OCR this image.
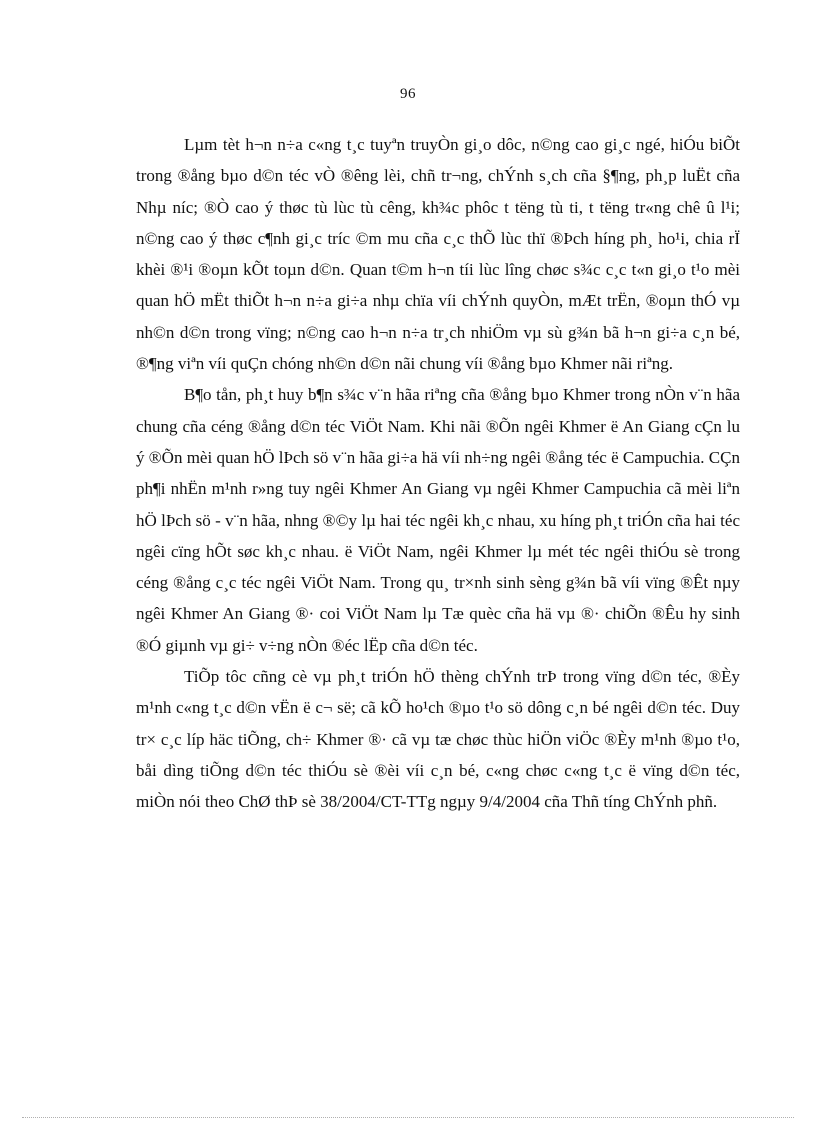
96

Lµm tèt h¬n n÷a c«ng t¸c tuyªn truyÒn gi¸o dôc, n©ng cao gi¸c ngé, hiÓu biÕt trong ®ång bµo d©n téc vÒ ®êng lèi, chñ tr¬ng, chÝnh s¸ch cña §¶ng, ph¸p luËt cña Nhµ níc; ®Ò cao ý thøc tù lùc tù cêng, kh¾c phôc t tëng tù ti, t tëng tr«ng chê û l¹i; n©ng cao ý thøc c¶nh gi¸c tríc ©m mu cña c¸c thÕ lùc thï ®Þch híng ph¸ ho¹i, chia rÏ khèi ®¹i ®oµn kÕt toµn d©n. Quan t©m h¬n tíi lùc lîng chøc s¾c c¸c t«n gi¸o t¹o mèi quan hÖ mËt thiÕt h¬n n÷a gi÷a nhµ chïa víi chÝnh quyÒn, mÆt trËn, ®oµn thÓ vµ nh©n d©n trong vïng; n©ng cao h¬n n÷a tr¸ch nhiÖm vµ sù g¾n bã h¬n gi÷a c¸n bé, ®¶ng viªn víi quÇn chóng nh©n d©n nãi chung víi ®ång bµo Khmer nãi riªng.

B¶o tån, ph¸t huy b¶n s¾c v¨n hãa riªng cña ®ång bµo Khmer trong nÒn v¨n hãa chung cña céng ®ång d©n téc ViÖt Nam. Khi nãi ®Õn ngêi Khmer ë An Giang cÇn lu ý ®Õn mèi quan hÖ lÞch sö v¨n hãa gi÷a hä víi nh÷ng ngêi ®ång téc ë Campuchia. CÇn ph¶i nhËn m¹nh r»ng tuy ngêi Khmer An Giang vµ ngêi Khmer Campuchia cã mèi liªn hÖ lÞch sö - v¨n hãa, nhng ®©y lµ hai téc ngêi kh¸c nhau, xu híng ph¸t triÓn cña hai téc ngêi cïng hÕt søc kh¸c nhau. ë ViÖt Nam, ngêi Khmer lµ mét téc ngêi thiÓu sè trong céng ®ång c¸c téc ngêi ViÖt Nam. Trong qu¸ tr×nh sinh sèng g¾n bã víi vïng ®Êt nµy ngêi Khmer An Giang ®· coi ViÖt Nam lµ Tæ quèc cña hä vµ ®· chiÕn ®Êu hy sinh ®Ó giµnh vµ gi÷ v÷ng nÒn ®éc lËp cña d©n téc.

TiÕp tôc cñng cè vµ ph¸t triÓn hÖ thèng chÝnh trÞ trong vïng d©n téc, ®Èy m¹nh c«ng t¸c d©n vËn ë c¬ së; cã kÕ ho¹ch ®µo t¹o sö dông c¸n bé ngêi d©n téc. Duy tr× c¸c líp häc tiÕng, ch÷ Khmer ®· cã vµ tæ chøc thùc hiÖn viÖc ®Èy m¹nh ®µo t¹o, båi dìng tiÕng d©n téc thiÓu sè ®èi víi c¸n bé, c«ng chøc c«ng t¸c ë vïng d©n téc, miÒn nói theo ChØ thÞ sè 38/2004/CT-TTg ngµy 9/4/2004 cña Thñ tíng ChÝnh phñ.
